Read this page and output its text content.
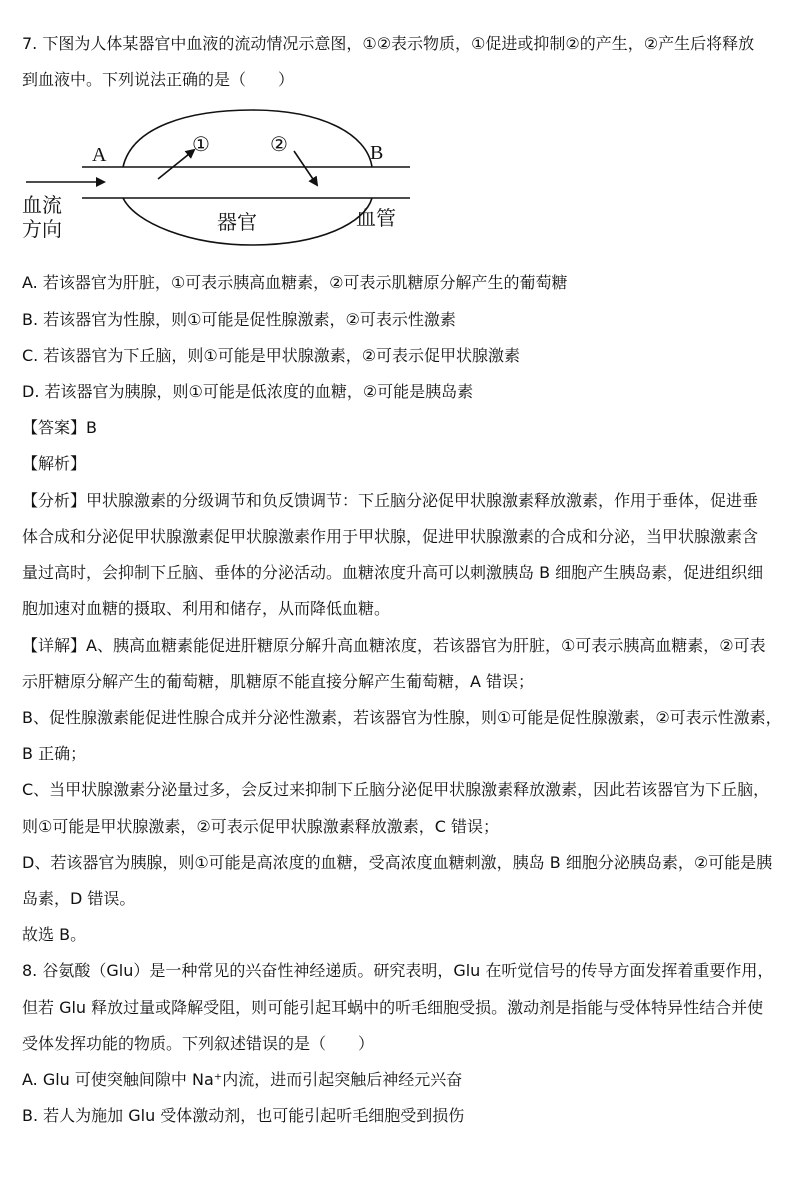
7. 下图为人体某器官中血液的流动情况示意图，①②表示物质，①促进或抑制②的产生，②产生后将释放
到血液中。下列说法正确的是（　　）
A	B
①	②
血流
方向	器官	血管
A. 若该器官为肝脏，①可表示胰高血糖素，②可表示肌糖原分解产生的葡萄糖
B. 若该器官为性腺，则①可能是促性腺激素，②可表示性激素
C. 若该器官为下丘脑，则①可能是甲状腺激素，②可表示促甲状腺激素
D. 若该器官为胰腺，则①可能是低浓度的血糖，②可能是胰岛素
【答案】B
【解析】
【分析】甲状腺激素的分级调节和负反馈调节：下丘脑分泌促甲状腺激素释放激素，作用于垂体，促进垂
体合成和分泌促甲状腺激素促甲状腺激素作用于甲状腺，促进甲状腺激素的合成和分泌，当甲状腺激素含
量过高时，会抑制下丘脑、垂体的分泌活动。血糖浓度升高可以刺激胰岛 B 细胞产生胰岛素，促进组织细
胞加速对血糖的摄取、利用和储存，从而降低血糖。
【详解】A、胰高血糖素能促进肝糖原分解升高血糖浓度，若该器官为肝脏，①可表示胰高血糖素，②可表
示肝糖原分解产生的葡萄糖，肌糖原不能直接分解产生葡萄糖，A 错误；
B、促性腺激素能促进性腺合成并分泌性激素，若该器官为性腺，则①可能是促性腺激素，②可表示性激素，
B 正确；
C、当甲状腺激素分泌量过多，会反过来抑制下丘脑分泌促甲状腺激素释放激素，因此若该器官为下丘脑，
则①可能是甲状腺激素，②可表示促甲状腺激素释放激素，C 错误；
D、若该器官为胰腺，则①可能是高浓度的血糖，受高浓度血糖刺激，胰岛 B 细胞分泌胰岛素，②可能是胰
岛素，D 错误。
故选 B。
8. 谷氨酸（Glu）是一种常见的兴奋性神经递质。研究表明，Glu 在听觉信号的传导方面发挥着重要作用，
但若 Glu 释放过量或降解受阻，则可能引起耳蜗中的听毛细胞受损。激动剂是指能与受体特异性结合并使
受体发挥功能的物质。下列叙述错误的是（　　）
A. Glu 可使突触间隙中 Na⁺内流，进而引起突触后神经元兴奋
B. 若人为施加 Glu 受体激动剂，也可能引起听毛细胞受到损伤
